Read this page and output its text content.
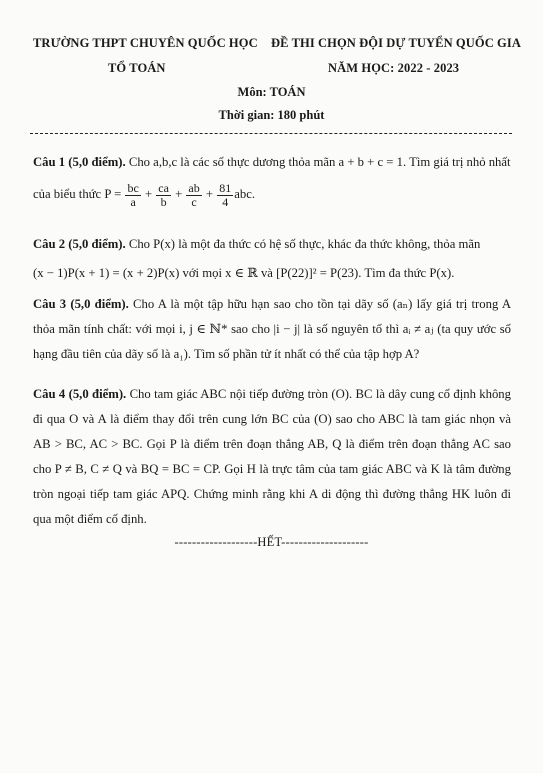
TRƯỜNG THPT CHUYÊN QUỐC HỌC
TỔ TOÁN
ĐỀ THI CHỌN ĐỘI DỰ TUYỂN QUỐC GIA
NĂM HỌC: 2022 - 2023
Môn: TOÁN
Thời gian: 180 phút

Câu 1 (5,0 điểm). Cho a,b,c là các số thực dương thỏa mãn a + b + c = 1. Tìm giá trị nhỏ nhất

của biểu thức $P = \frac{bc}{a} + \frac{ca}{b} + \frac{ab}{c} + \frac{81}{4}$ abc.

Câu 2 (5,0 điểm). Cho P(x) là một đa thức có hệ số thực, khác đa thức không, thỏa mãn

(x − 1)P(x + 1) = (x + 2)P(x) với mọi x ∈ ℝ và [P(22)]² = P(23). Tìm đa thức P(x).

Câu 3 (5,0 điểm). Cho A là một tập hữu hạn sao cho tồn tại dãy số (aₙ) lấy giá trị trong A thỏa mãn tính chất: với mọi i, j ∈ ℕ* sao cho |i − j| là số nguyên tố thì aᵢ ≠ aⱼ (ta quy ước số hạng đầu tiên của dãy số là a₁). Tìm số phần tử ít nhất có thể của tập hợp A?

Câu 4 (5,0 điểm). Cho tam giác ABC nội tiếp đường tròn (O). BC là dây cung cố định không đi qua O và A là điểm thay đổi trên cung lớn BC của (O) sao cho ABC là tam giác nhọn và AB > BC, AC > BC. Gọi P là điểm trên đoạn thẳng AB, Q là điểm trên đoạn thẳng AC sao cho P ≠ B, C ≠ Q và BQ = BC = CP. Gọi H là trực tâm của tam giác ABC và K là tâm đường tròn ngoại tiếp tam giác APQ. Chứng minh rằng khi A di động thì đường thẳng HK luôn đi qua một điểm cố định.

-------------------HẾT--------------------
